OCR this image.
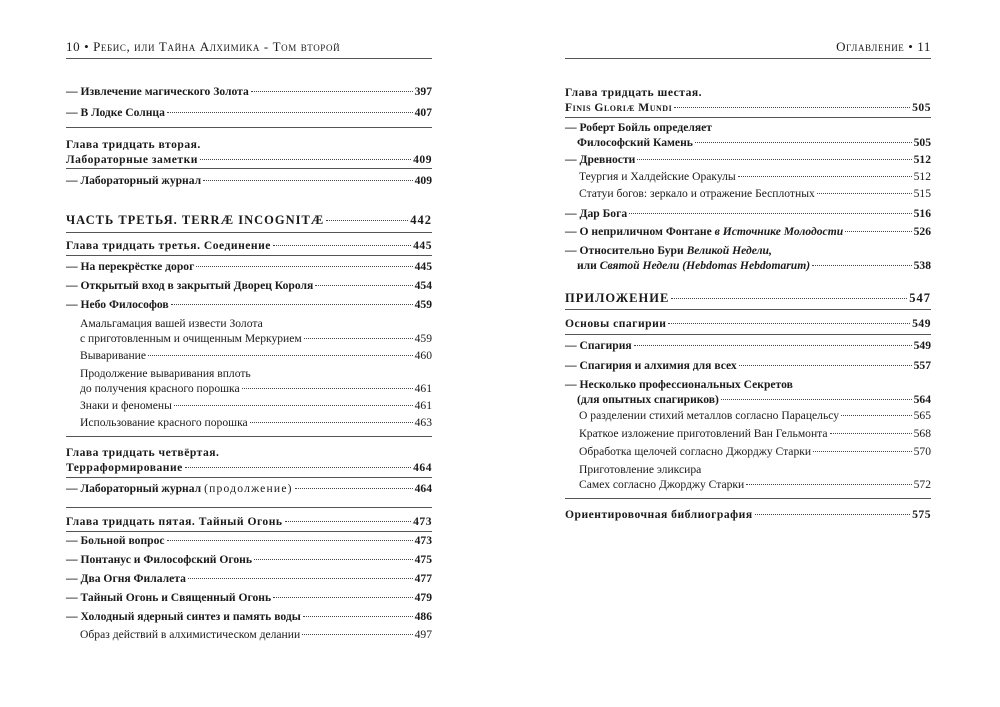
10 • Ребис, или Тайна Алхимика - Том второй
— Извлечение магического Золота	397
— В Лодке Солнца	407
Глава тридцать вторая.
Лабораторные заметки	409
— Лабораторный журнал	409
ЧАСТЬ ТРЕТЬЯ. TERRÆ INCOGNITÆ	442
Глава тридцать третья. Соединение	445
— На перекрёстке дорог	445
— Открытый вход в закрытый Дворец Короля	454
— Небо Философов	459
Амальгамация вашей извести Золота
с приготовленным и очищенным Меркурием	459
Вываривание	460
Продолжение вываривания вплоть
до получения красного порошка	461
Знаки и феномены	461
Использование красного порошка	463
Глава тридцать четвёртая.
Терраформирование	464
— Лабораторный журнал (продолжение)	464
Глава тридцать пятая. Тайный Огонь	473
— Больной вопрос	473
— Понтанус и Философский Огонь	475
— Два Огня Филалета	477
— Тайный Огонь и Священный Огонь	479
— Холодный ядерный синтез и память воды	486
Образ действий в алхимистическом делании	497
Оглавление • 11
Глава тридцать шестая.
Finis Gloriæ Mundi	505
— Роберт Бойль определяет
Философский Камень	505
— Древности	512
Теургия и Халдейские Оракулы	512
Статуи богов: зеркало и отражение Бесплотных	515
— Дар Бога	516
— О неприличном Фонтане в Источнике Молодости	526
— Относительно Бури Великой Недели,
или Святой Недели (Hebdomas Hebdomarum)	538
ПРИЛОЖЕНИЕ	547
Основы спагирии	549
— Спагирия	549
— Спагирия и алхимия для всех	557
— Несколько профессиональных Секретов
(для опытных спагириков)	564
О разделении стихий металлов согласно Парацельсу	565
Краткое изложение приготовлений Ван Гельмонта	568
Обработка щелочей согласно Джорджу Старки	570
Приготовление эликсира
Самех согласно Джорджу Старки	572
Ориентировочная библиография	575
